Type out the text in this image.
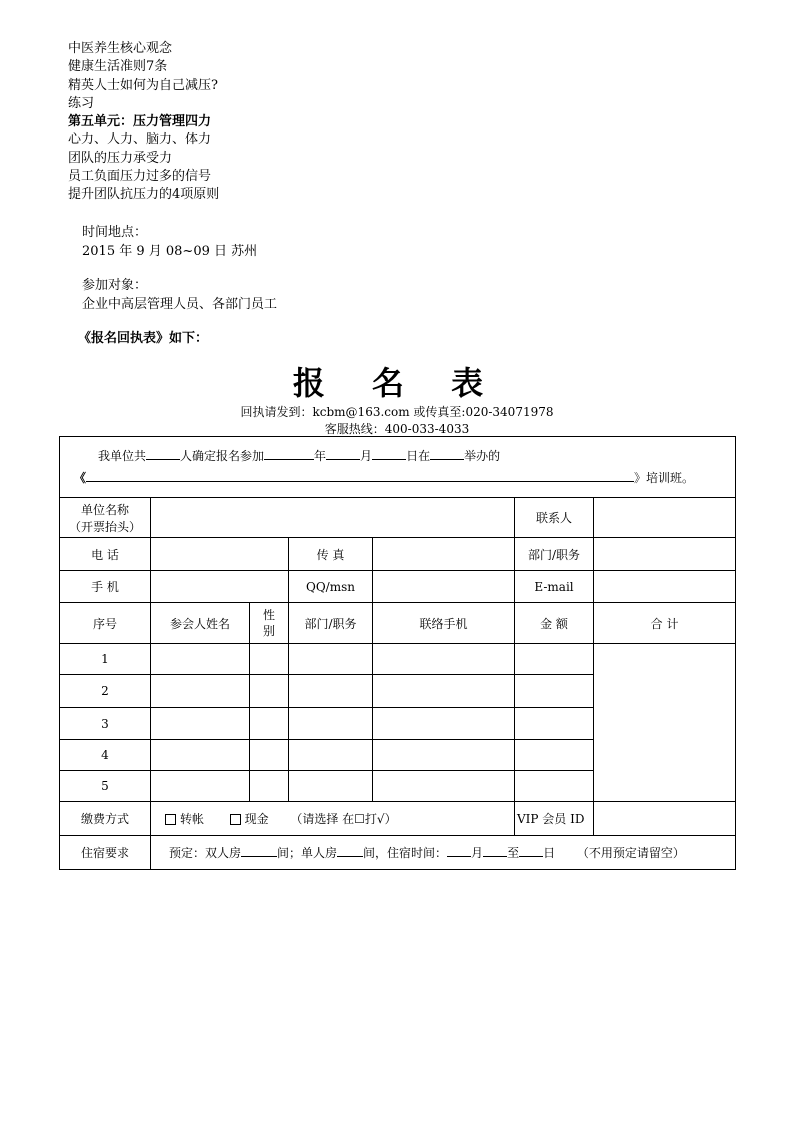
中医养生核心观念
健康生活准则7条
精英人士如何为自己减压?
练习
第五单元：压力管理四力
心力、人力、脑力、体力
团队的压力承受力
员工负面压力过多的信号
提升团队抗压力的4项原则
时间地点：
2015 年 9 月 08~09 日 苏州
参加对象：
企业中高层管理人员、各部门员工
《报名回执表》如下：
报 名 表
回执请发到：kcbm@163.com 或传真至:020-34071978
客服热线：400-033-4033
我单位共 人确定报名参加 年 月 日在 举办的
《 》培训班。						

单位名称
（开票抬头）					联系人	
电 话			传 真		部门/职务	
手 机			QQ/msn		E-mail	
序号	参会人姓名	性别	部门/职务	联络手机	金 额	合 计
1						
2						
3						
4						
5						
缴费方式	转帐 现金 （请选择 在☐打√）				VIP 会员 ID	
住宿要求	预定：双人房 间；单人房 间，住宿时间： 月 至 日 （不用预定请留空）					
